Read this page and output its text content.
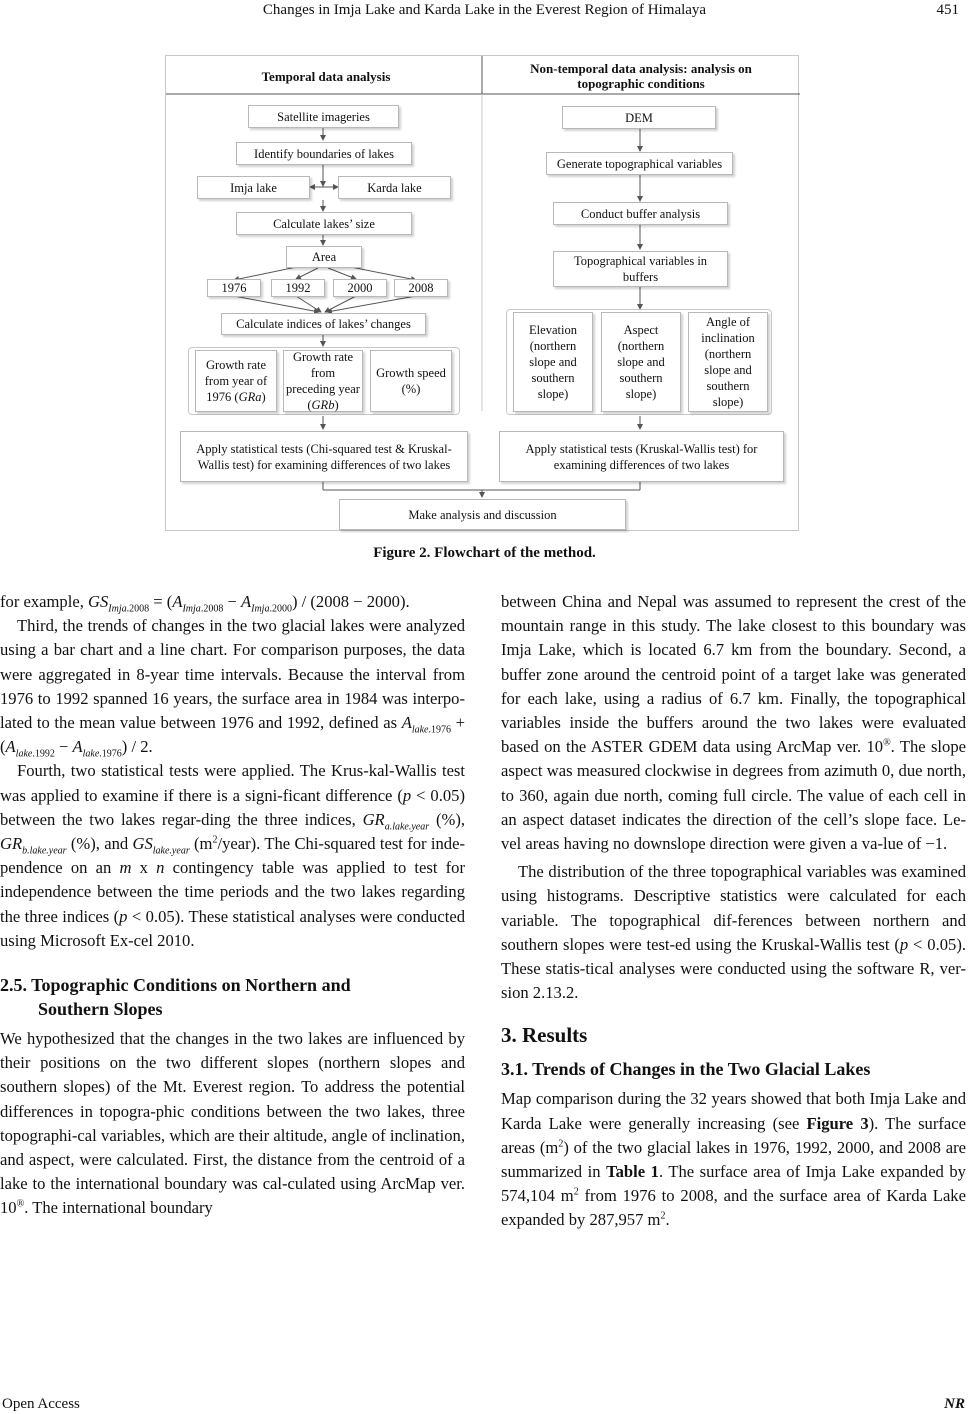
Changes in Imja Lake and Karda Lake in the Everest Region of Himalaya	451
Temporal data analysis	Non-temporal data analysis: analysis on topographic conditions
Satellite imageries
Identify boundaries of lakes
Imja lake	Karda lake
Calculate lakes’ size
Area
1976	1992	2000	2008
Calculate indices of lakes’ changes
Growth rate from year of 1976 (GRa)
Growth rate from preceding year (GRb)
Growth speed (%)
Apply statistical tests (Chi-squared test & Kruskal-Wallis test) for examining differences of two lakes
DEM
Generate topographical variables
Conduct buffer analysis
Topographical variables in buffers
Elevation (northern slope and southern slope)
Aspect (northern slope and southern slope)
Angle of inclination (northern slope and southern slope)
Apply statistical tests (Kruskal-Wallis test) for examining differences of two lakes
Make analysis and discussion
Figure 2. Flowchart of the method.

for example, $GS_{Imja.2008} = (A_{Imja.2008} - A_{Imja.2000}) / (2008 - 2000)$.

Third, the trends of changes in the two glacial lakes were analyzed using a bar chart and a line chart. For comparison purposes, the data were aggregated in 8-year time intervals. Because the interval from 1976 to 1992 spanned 16 years, the surface area in 1984 was interpo-lated to the mean value between 1976 and 1992, defined as $A_{lake.1976} + (A_{lake.1992} - A_{lake.1976}) / 2$.

Fourth, two statistical tests were applied. The Krus-kal-Wallis test was applied to examine if there is a signi-ficant difference (p < 0.05) between the two lakes regar-ding the three indices, $GR_{a.lake.year}$ (%), $GR_{b.lake.year}$ (%), and $GS_{lake.year}$ $(m^2/year)$. The Chi-squared test for inde-pendence on an m x n contingency table was applied to test for independence between the time periods and the two lakes regarding the three indices (p < 0.05). These statistical analyses were conducted using Microsoft Ex-cel 2010.

2.5. Topographic Conditions on Northern and
Southern Slopes

We hypothesized that the changes in the two lakes are influenced by their positions on the two different slopes (northern slopes and southern slopes) of the Mt. Everest region. To address the potential differences in topogra-phic conditions between the two lakes, three topographi-cal variables, which are their altitude, angle of inclination, and aspect, were calculated. First, the distance from the centroid of a lake to the international boundary was cal-culated using ArcMap ver. 10®. The international boundary

between China and Nepal was assumed to represent the crest of the mountain range in this study. The lake closest to this boundary was Imja Lake, which is located 6.7 km from the boundary. Second, a buffer zone around the centroid point of a target lake was generated for each lake, using a radius of 6.7 km. Finally, the topographical variables inside the buffers around the two lakes were evaluated based on the ASTER GDEM data using ArcMap ver. 10®. The slope aspect was measured clockwise in degrees from azimuth 0, due north, to 360, again due north, coming full circle. The value of each cell in an aspect dataset indicates the direction of the cell’s slope face. Le-vel areas having no downslope direction were given a va-lue of −1.

The distribution of the three topographical variables was examined using histograms. Descriptive statistics were calculated for each variable. The topographical dif-ferences between northern and southern slopes were test-ed using the Kruskal-Wallis test (p < 0.05). These statis-tical analyses were conducted using the software R, ver-sion 2.13.2.

3. Results

3.1. Trends of Changes in the Two Glacial Lakes

Map comparison during the 32 years showed that both Imja Lake and Karda Lake were generally increasing (see Figure 3). The surface areas $(m^2)$ of the two glacial lakes in 1976, 1992, 2000, and 2008 are summarized in Table 1. The surface area of Imja Lake expanded by 574,104 $m^2$ from 1976 to 2008, and the surface area of Karda Lake expanded by 287,957 $m^2$.

Open Access	NR
